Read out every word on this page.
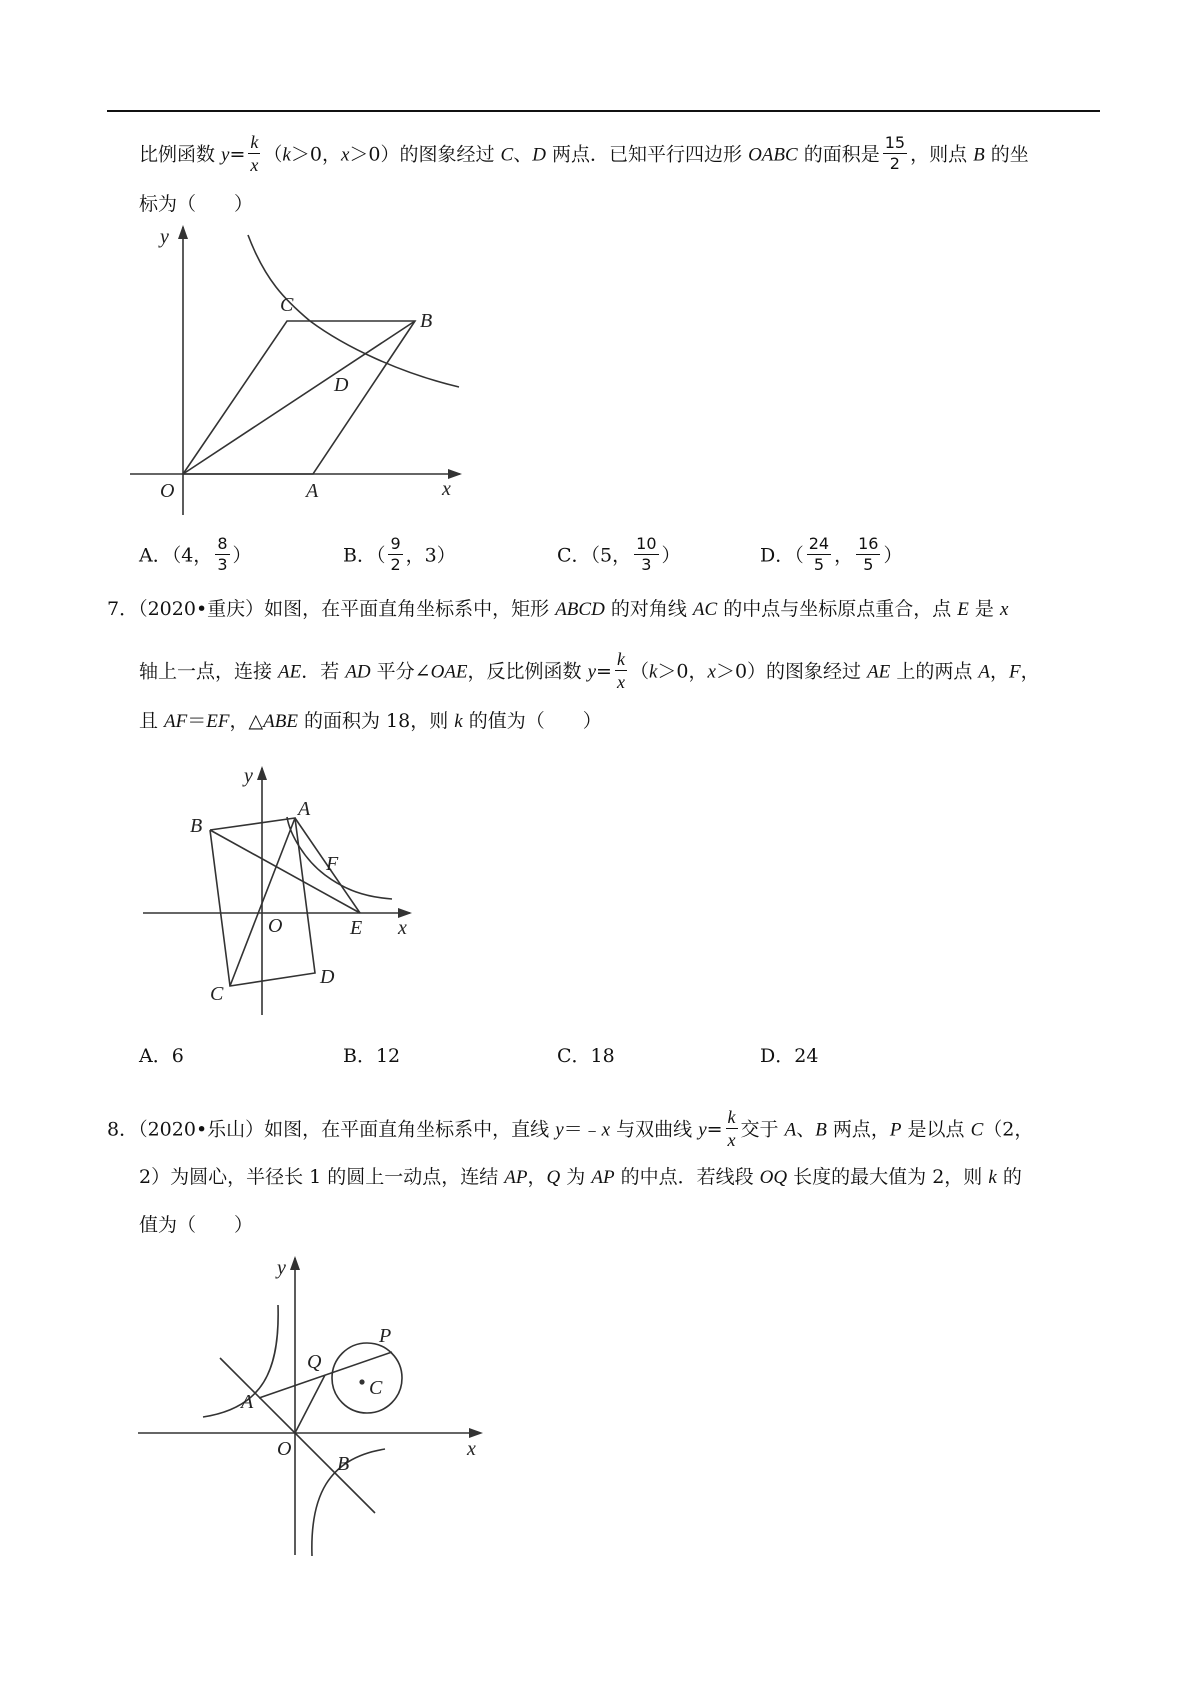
比例函数 $y= \frac{k}{x} (k>0$，x＞0）的图象经过 C、D 两点．已知平行四边形 OABC 的面积是 $\frac{15}{2}$ ，则点 B 的坐
标为（　　）
y
x
O	A
B
C
D
A．（4， $\frac{8}{3}$ ）	B．（ $\frac{9}{2}$ ，3）	C．（5， $\frac{10}{3}$ ）	D．（ $\frac{24}{5}$ ， $\frac{16}{5}$ ）
7．（2020•重庆）如图，在平面直角坐标系中，矩形 ABCD 的对角线 AC 的中点与坐标原点重合，点 E 是 x
轴上一点，连接 AE．若 AD 平分∠OAE，反比例函数 $y= \frac{k}{x} (k>0$，x＞0）的图象经过 AE 上的两点 A，F，
且 AF＝EF，△ABE 的面积为 18，则 k 的值为（　　）
y
x
O
A
B
C
D
E
F
A．6	B．12	C．18	D．24
8．（2020•乐山）如图，在平面直角坐标系中，直线 y＝﹣x 与双曲线 $y= \frac{k}{x}$ 交于 A、B 两点，P 是以点 C（2，
2）为圆心，半径长 1 的圆上一动点，连结 AP，Q 为 AP 的中点．若线段 OQ 长度的最大值为 2，则 k 的
值为（　　）
y
x
O
A
B
C
P
Q
